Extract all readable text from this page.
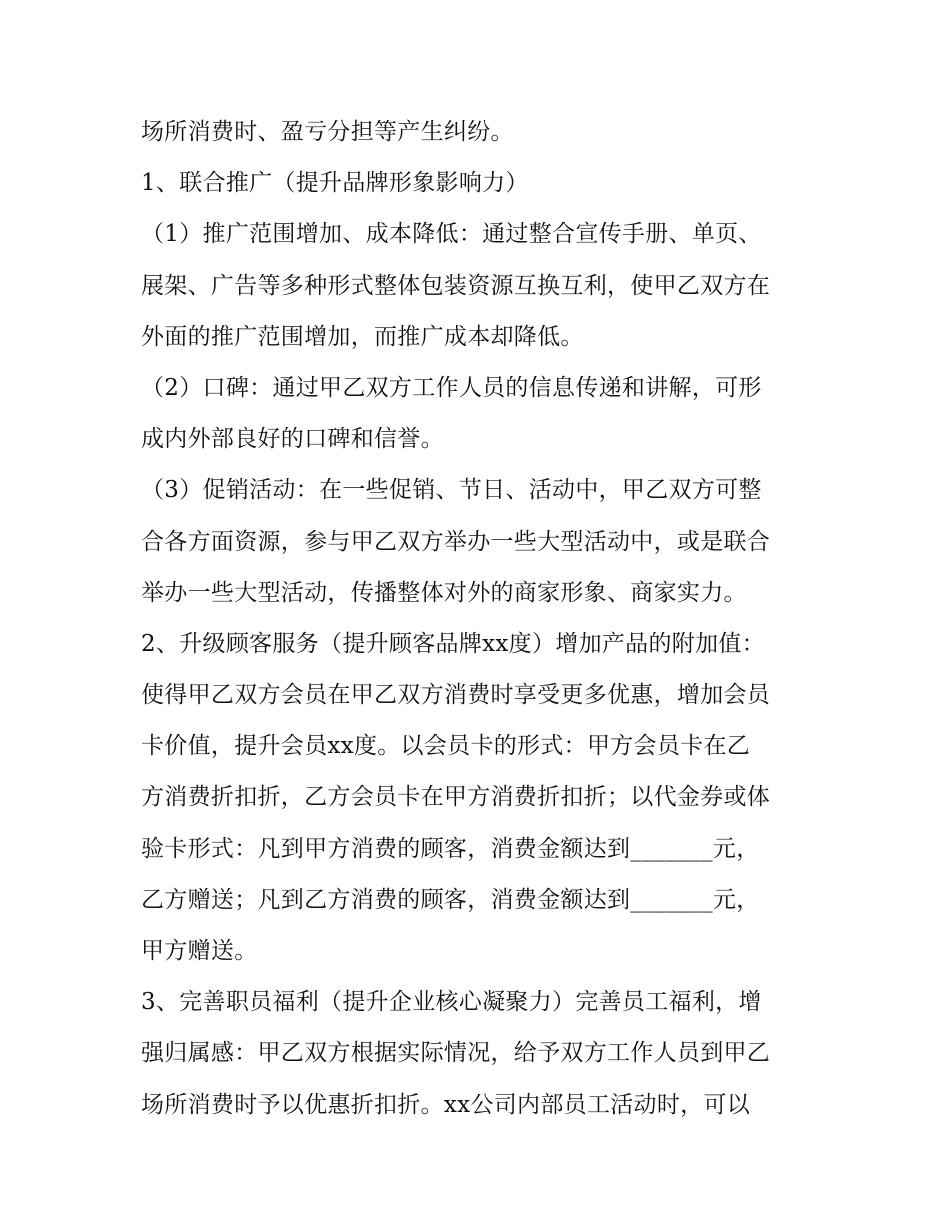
场所消费时、盈亏分担等产生纠纷。
1、联合推广（提升品牌形象影响力）
（1）推广范围增加、成本降低：通过整合宣传手册、单页、
展架、广告等多种形式整体包装资源互换互利，使甲乙双方在
外面的推广范围增加，而推广成本却降低。
（2）口碑：通过甲乙双方工作人员的信息传递和讲解，可形
成内外部良好的口碑和信誉。
（3）促销活动：在一些促销、节日、活动中，甲乙双方可整
合各方面资源，参与甲乙双方举办一些大型活动中，或是联合
举办一些大型活动，传播整体对外的商家形象、商家实力。
2、升级顾客服务（提升顾客品牌xx度）增加产品的附加值：
使得甲乙双方会员在甲乙双方消费时享受更多优惠，增加会员
卡价值，提升会员xx度。以会员卡的形式：甲方会员卡在乙
方消费折扣折，乙方会员卡在甲方消费折扣折；以代金券或体
验卡形式：凡到甲方消费的顾客，消费金额达到_______元，
乙方赠送；凡到乙方消费的顾客，消费金额达到_______元，
甲方赠送。
3、完善职员福利（提升企业核心凝聚力）完善员工福利，增
强归属感：甲乙双方根据实际情况，给予双方工作人员到甲乙
场所消费时予以优惠折扣折。xx公司内部员工活动时，可以
